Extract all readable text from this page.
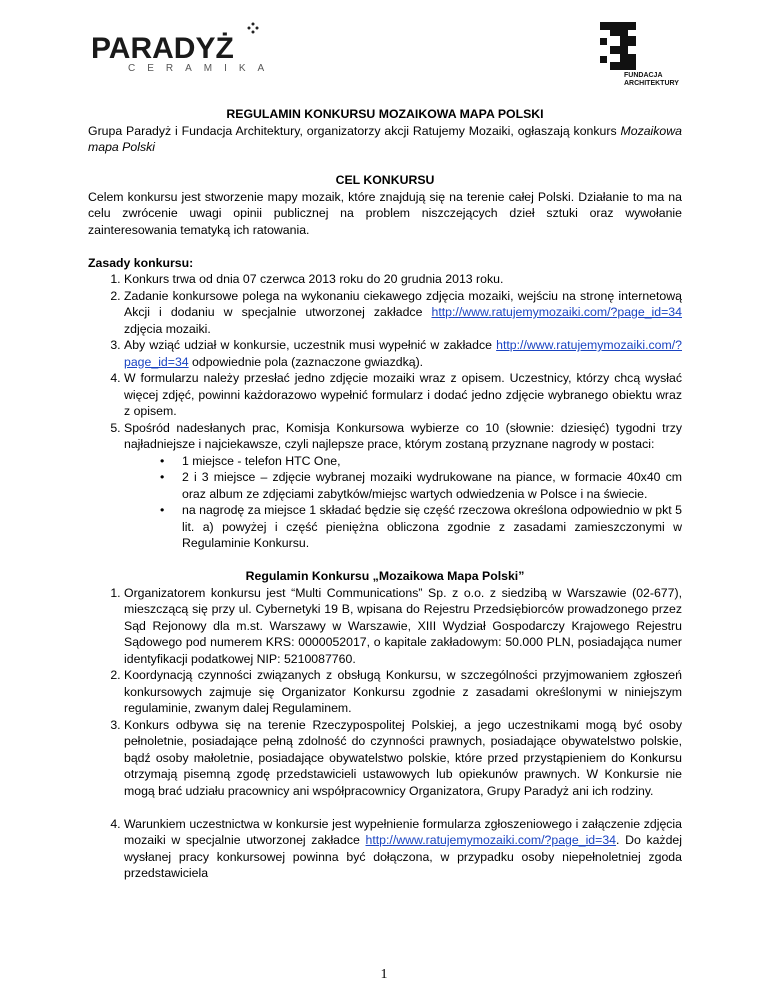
PARADYŻ
CERAMIKA
FUNDACJA
ARCHITEKTURY

REGULAMIN KONKURSU MOZAIKOWA MAPA POLSKI

Grupa Paradyż i Fundacja Architektury, organizatorzy akcji Ratujemy Mozaiki, ogłaszają konkurs Mozaikowa mapa Polski

CEL KONKURSU

Celem konkursu jest stworzenie mapy mozaik, które znajdują się na terenie całej Polski. Działanie to ma na celu zwrócenie uwagi opinii publicznej na problem niszczejących dzieł sztuki oraz wywołanie zainteresowania tematyką ich ratowania.

Zasady konkursu:

1. Konkurs trwa od dnia 07 czerwca 2013 roku do 20 grudnia 2013 roku.
2. Zadanie konkursowe polega na wykonaniu ciekawego zdjęcia mozaiki, wejściu na stronę internetową Akcji i dodaniu w specjalnie utworzonej zakładce http://www.ratujemymozaiki.com/?page_id=34 zdjęcia mozaiki.
3. Aby wziąć udział w konkursie, uczestnik musi wypełnić w zakładce http://www.ratujemymozaiki.com/?page_id=34 odpowiednie pola (zaznaczone gwiazdką).
4. W formularzu należy przesłać jedno zdjęcie mozaiki wraz z opisem. Uczestnicy, którzy chcą wysłać więcej zdjęć, powinni każdorazowo wypełnić formularz i dodać jedno zdjęcie wybranego obiektu wraz z opisem.
5. Spośród nadesłanych prac, Komisja Konkursowa wybierze co 10 (słownie: dziesięć) tygodni trzy najładniejsze i najciekawsze, czyli najlepsze prace, którym zostaną przyznane nagrody w postaci:
• 1 miejsce - telefon HTC One,
• 2 i 3 miejsce – zdjęcie wybranej mozaiki wydrukowane na piance, w formacie 40x40 cm oraz album ze zdjęciami zabytków/miejsc wartych odwiedzenia w Polsce i na świecie.
• na nagrodę za miejsce 1 składać będzie się część rzeczowa określona odpowiednio w pkt 5 lit. a) powyżej i część pieniężna obliczona zgodnie z zasadami zamieszczonymi w Regulaminie Konkursu.

Regulamin Konkursu „Mozaikowa Mapa Polski”

1. Organizatorem konkursu jest “Multi Communications” Sp. z o.o. z siedzibą w Warszawie (02-677), mieszczącą się przy ul. Cybernetyki 19 B, wpisana do Rejestru Przedsiębiorców prowadzonego przez Sąd Rejonowy dla m.st. Warszawy w Warszawie, XIII Wydział Gospodarczy Krajowego Rejestru Sądowego pod numerem KRS: 0000052017, o kapitale zakładowym: 50.000 PLN, posiadająca numer identyfikacji podatkowej NIP: 5210087760.
2. Koordynacją czynności związanych z obsługą Konkursu, w szczególności przyjmowaniem zgłoszeń konkursowych zajmuje się Organizator Konkursu zgodnie z zasadami określonymi w niniejszym regulaminie, zwanym dalej Regulaminem.
3. Konkurs odbywa się na terenie Rzeczypospolitej Polskiej, a jego uczestnikami mogą być osoby pełnoletnie, posiadające pełną zdolność do czynności prawnych, posiadające obywatelstwo polskie, bądź osoby małoletnie, posiadające obywatelstwo polskie, które przed przystąpieniem do Konkursu otrzymają pisemną zgodę przedstawicieli ustawowych lub opiekunów prawnych. W Konkursie nie mogą brać udziału pracownicy ani współpracownicy Organizatora, Grupy Paradyż ani ich rodziny.
4. Warunkiem uczestnictwa w konkursie jest wypełnienie formularza zgłoszeniowego i załączenie zdjęcia mozaiki w specjalnie utworzonej zakładce http://www.ratujemymozaiki.com/?page_id=34. Do każdej wysłanej pracy konkursowej powinna być dołączona, w przypadku osoby niepełnoletniej zgoda przedstawiciela
1
